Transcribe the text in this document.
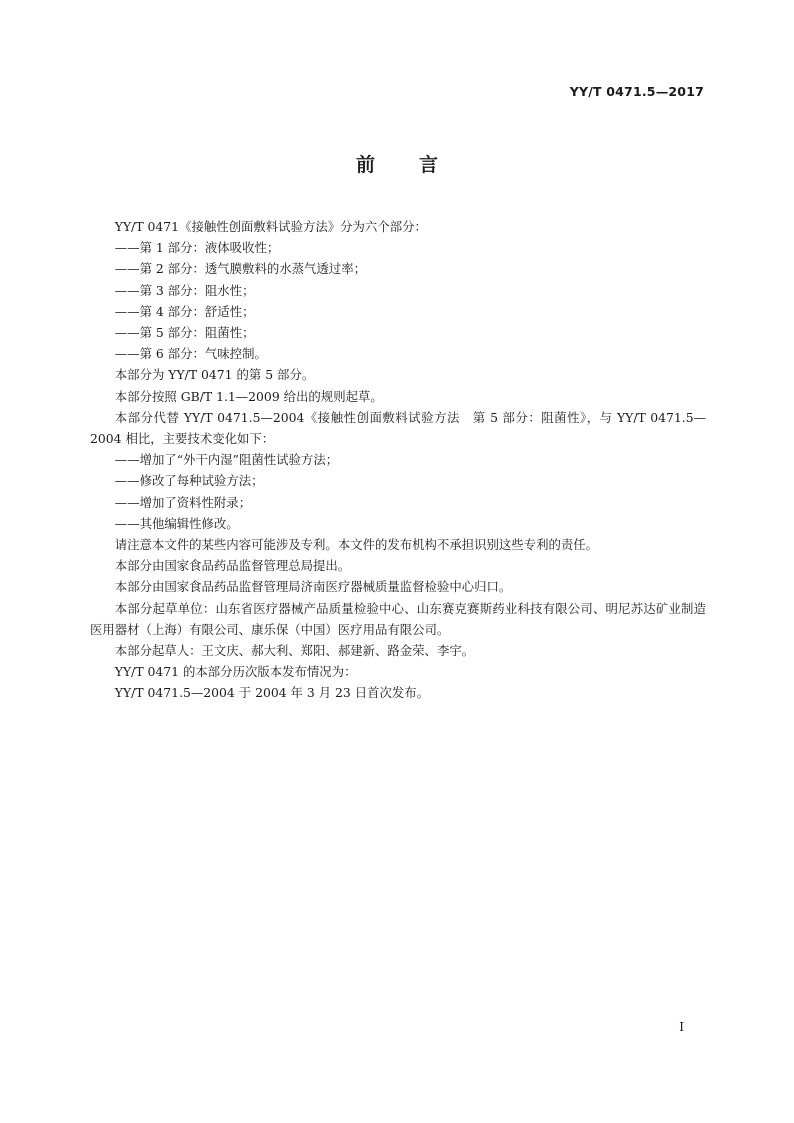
YY/T 0471.5—2017
前言

YY/T 0471《接触性创面敷料试验方法》分为六个部分：

——第 1 部分：液体吸收性；

——第 2 部分：透气膜敷料的水蒸气透过率；

——第 3 部分：阻水性；

——第 4 部分：舒适性；

——第 5 部分：阻菌性；

——第 6 部分：气味控制。

本部分为 YY/T 0471 的第 5 部分。

本部分按照 GB/T 1.1—2009 给出的规则起草。

本部分代替 YY/T 0471.5—2004《接触性创面敷料试验方法　第 5 部分：阻菌性》，与 YY/T 0471.5—2004 相比，主要技术变化如下：

——增加了“外干内湿”阻菌性试验方法；

——修改了每种试验方法；

——增加了资料性附录；

——其他编辑性修改。

请注意本文件的某些内容可能涉及专利。本文件的发布机构不承担识别这些专利的责任。

本部分由国家食品药品监督管理总局提出。

本部分由国家食品药品监督管理局济南医疗器械质量监督检验中心归口。

本部分起草单位：山东省医疗器械产品质量检验中心、山东赛克赛斯药业科技有限公司、明尼苏达矿业制造医用器材（上海）有限公司、康乐保（中国）医疗用品有限公司。

本部分起草人：王文庆、郝大利、郑阳、郝建新、路金荣、李宇。

YY/T 0471 的本部分历次版本发布情况为：

YY/T 0471.5—2004 于 2004 年 3 月 23 日首次发布。

I
